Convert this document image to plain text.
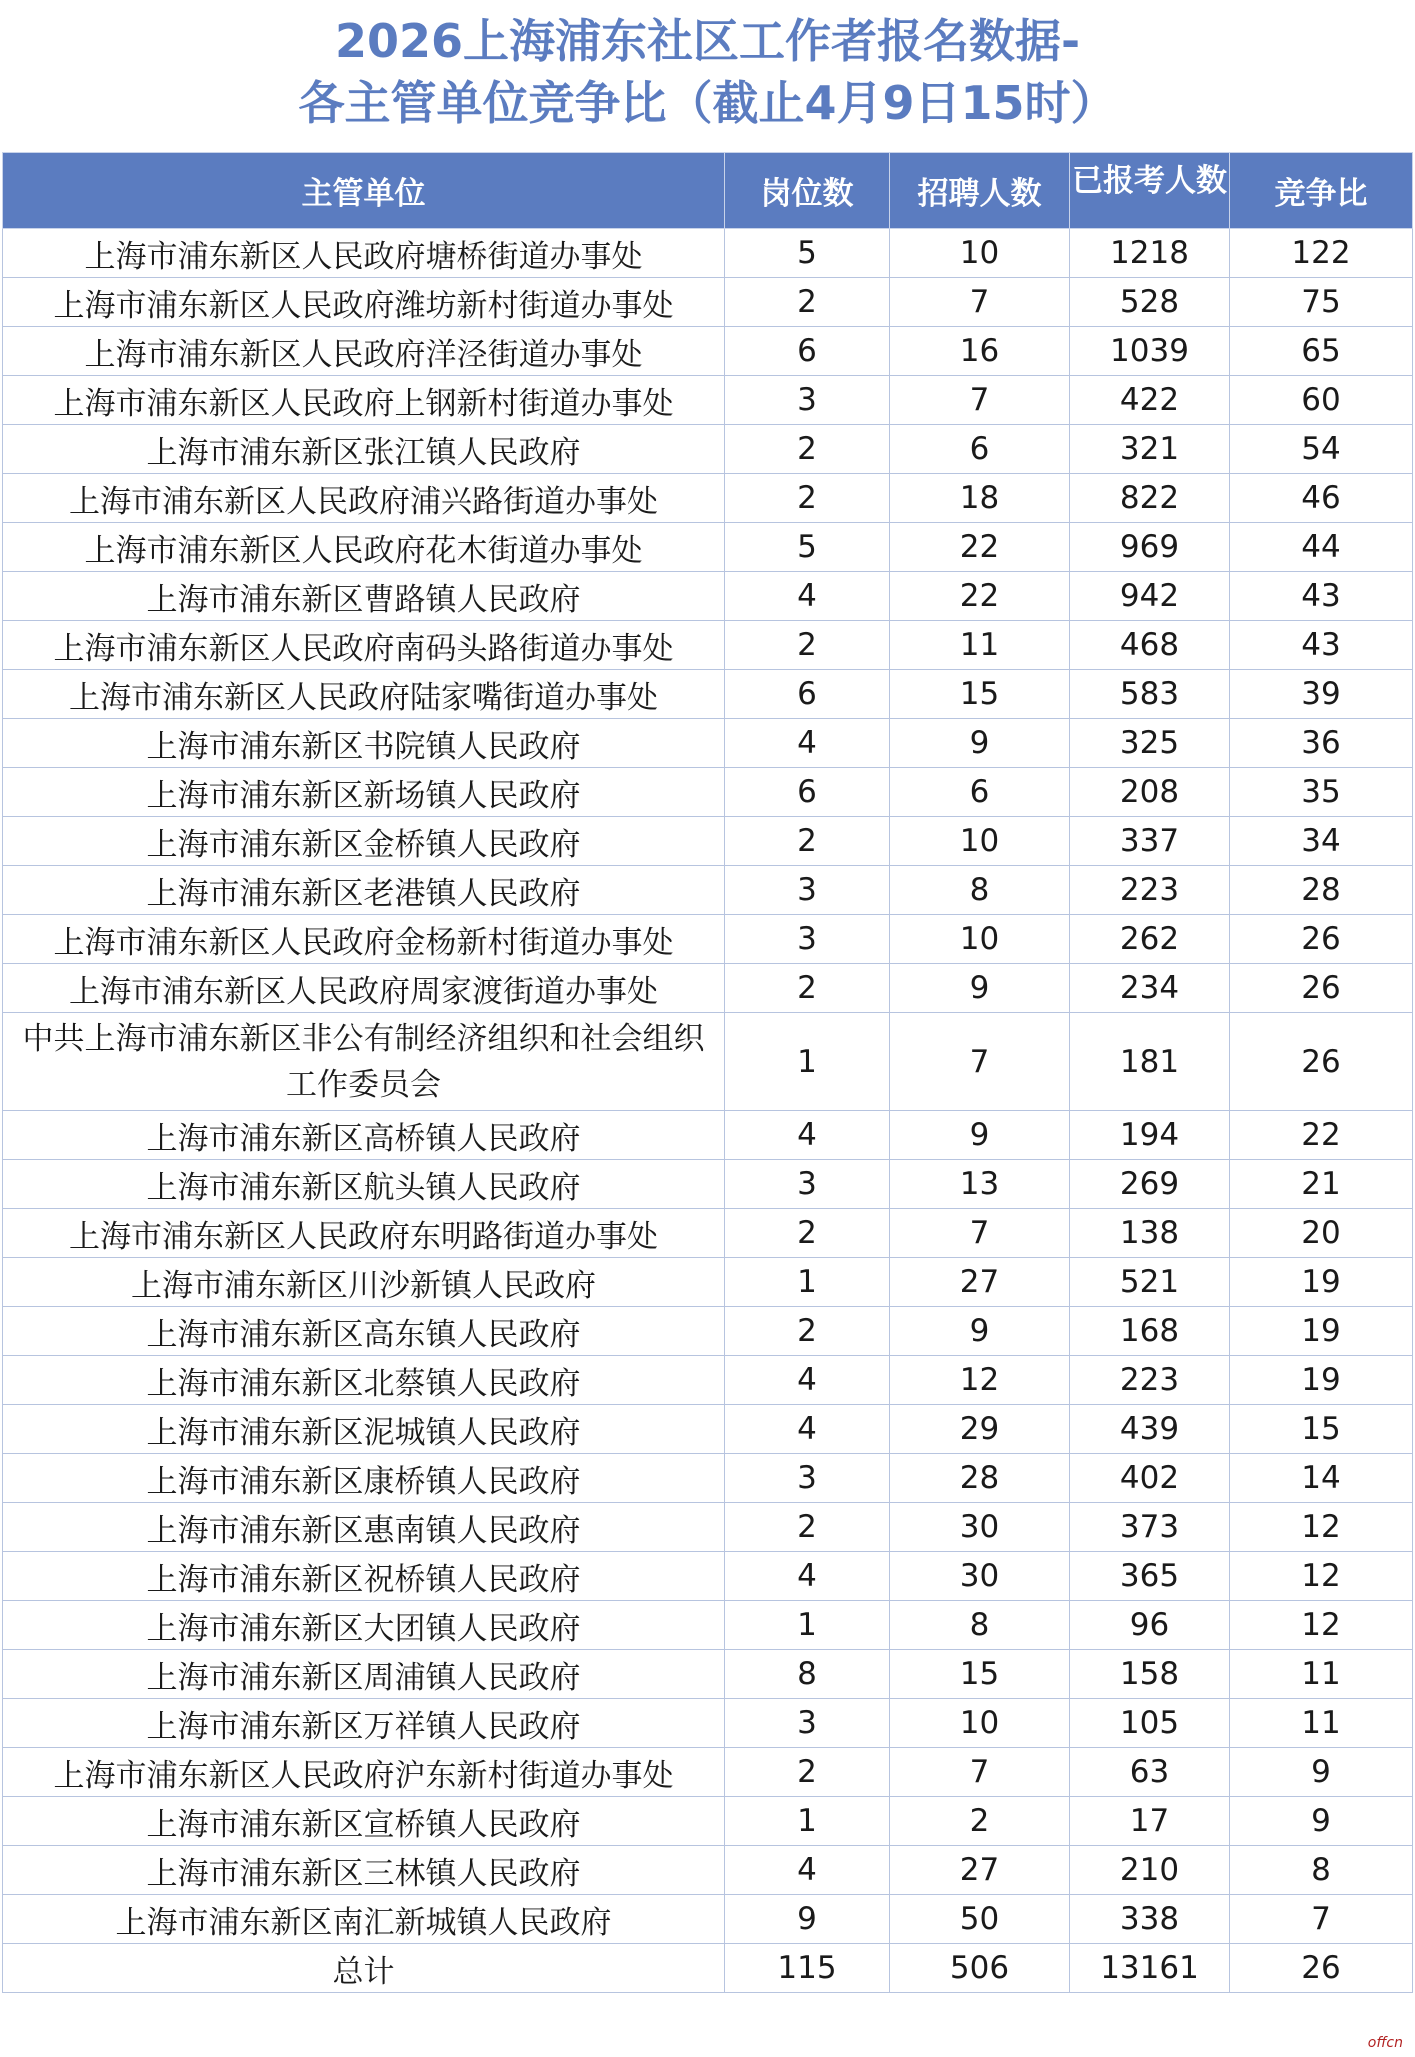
2026上海浦东社区工作者报名数据-
各主管单位竞争比（截止4月9日15时）
主管单位	岗位数	招聘人数	已报考人数	竞争比
上海市浦东新区人民政府塘桥街道办事处	5	10	1218	122
上海市浦东新区人民政府潍坊新村街道办事处	2	7	528	75
上海市浦东新区人民政府洋泾街道办事处	6	16	1039	65
上海市浦东新区人民政府上钢新村街道办事处	3	7	422	60
上海市浦东新区张江镇人民政府	2	6	321	54
上海市浦东新区人民政府浦兴路街道办事处	2	18	822	46
上海市浦东新区人民政府花木街道办事处	5	22	969	44
上海市浦东新区曹路镇人民政府	4	22	942	43
上海市浦东新区人民政府南码头路街道办事处	2	11	468	43
上海市浦东新区人民政府陆家嘴街道办事处	6	15	583	39
上海市浦东新区书院镇人民政府	4	9	325	36
上海市浦东新区新场镇人民政府	6	6	208	35
上海市浦东新区金桥镇人民政府	2	10	337	34
上海市浦东新区老港镇人民政府	3	8	223	28
上海市浦东新区人民政府金杨新村街道办事处	3	10	262	26
上海市浦东新区人民政府周家渡街道办事处	2	9	234	26
中共上海市浦东新区非公有制经济组织和社会组织工作委员会	1	7	181	26
上海市浦东新区高桥镇人民政府	4	9	194	22
上海市浦东新区航头镇人民政府	3	13	269	21
上海市浦东新区人民政府东明路街道办事处	2	7	138	20
上海市浦东新区川沙新镇人民政府	1	27	521	19
上海市浦东新区高东镇人民政府	2	9	168	19
上海市浦东新区北蔡镇人民政府	4	12	223	19
上海市浦东新区泥城镇人民政府	4	29	439	15
上海市浦东新区康桥镇人民政府	3	28	402	14
上海市浦东新区惠南镇人民政府	2	30	373	12
上海市浦东新区祝桥镇人民政府	4	30	365	12
上海市浦东新区大团镇人民政府	1	8	96	12
上海市浦东新区周浦镇人民政府	8	15	158	11
上海市浦东新区万祥镇人民政府	3	10	105	11
上海市浦东新区人民政府沪东新村街道办事处	2	7	63	9
上海市浦东新区宣桥镇人民政府	1	2	17	9
上海市浦东新区三林镇人民政府	4	27	210	8
上海市浦东新区南汇新城镇人民政府	9	50	338	7
总计	115	506	13161	26
offcn
